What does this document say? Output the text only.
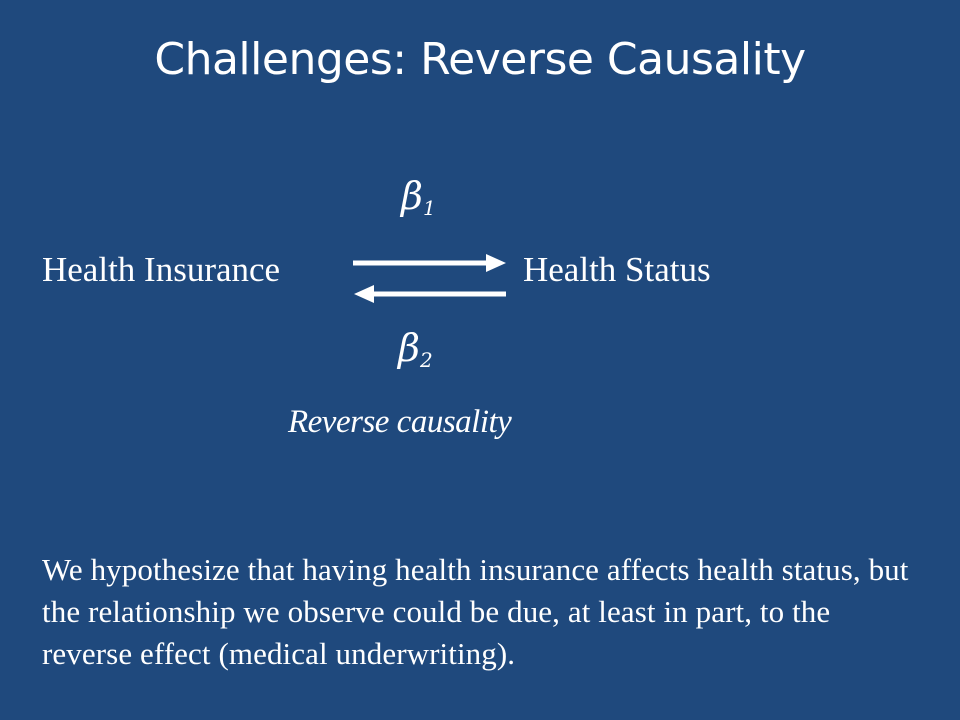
Challenges: Reverse Causality
$\beta_1$
Health Insurance	Health Status
$\beta_2$
Reverse causality
We hypothesize that having health insurance affects health status, but the relationship we observe could be due, at least in part, to the reverse effect (medical underwriting).
